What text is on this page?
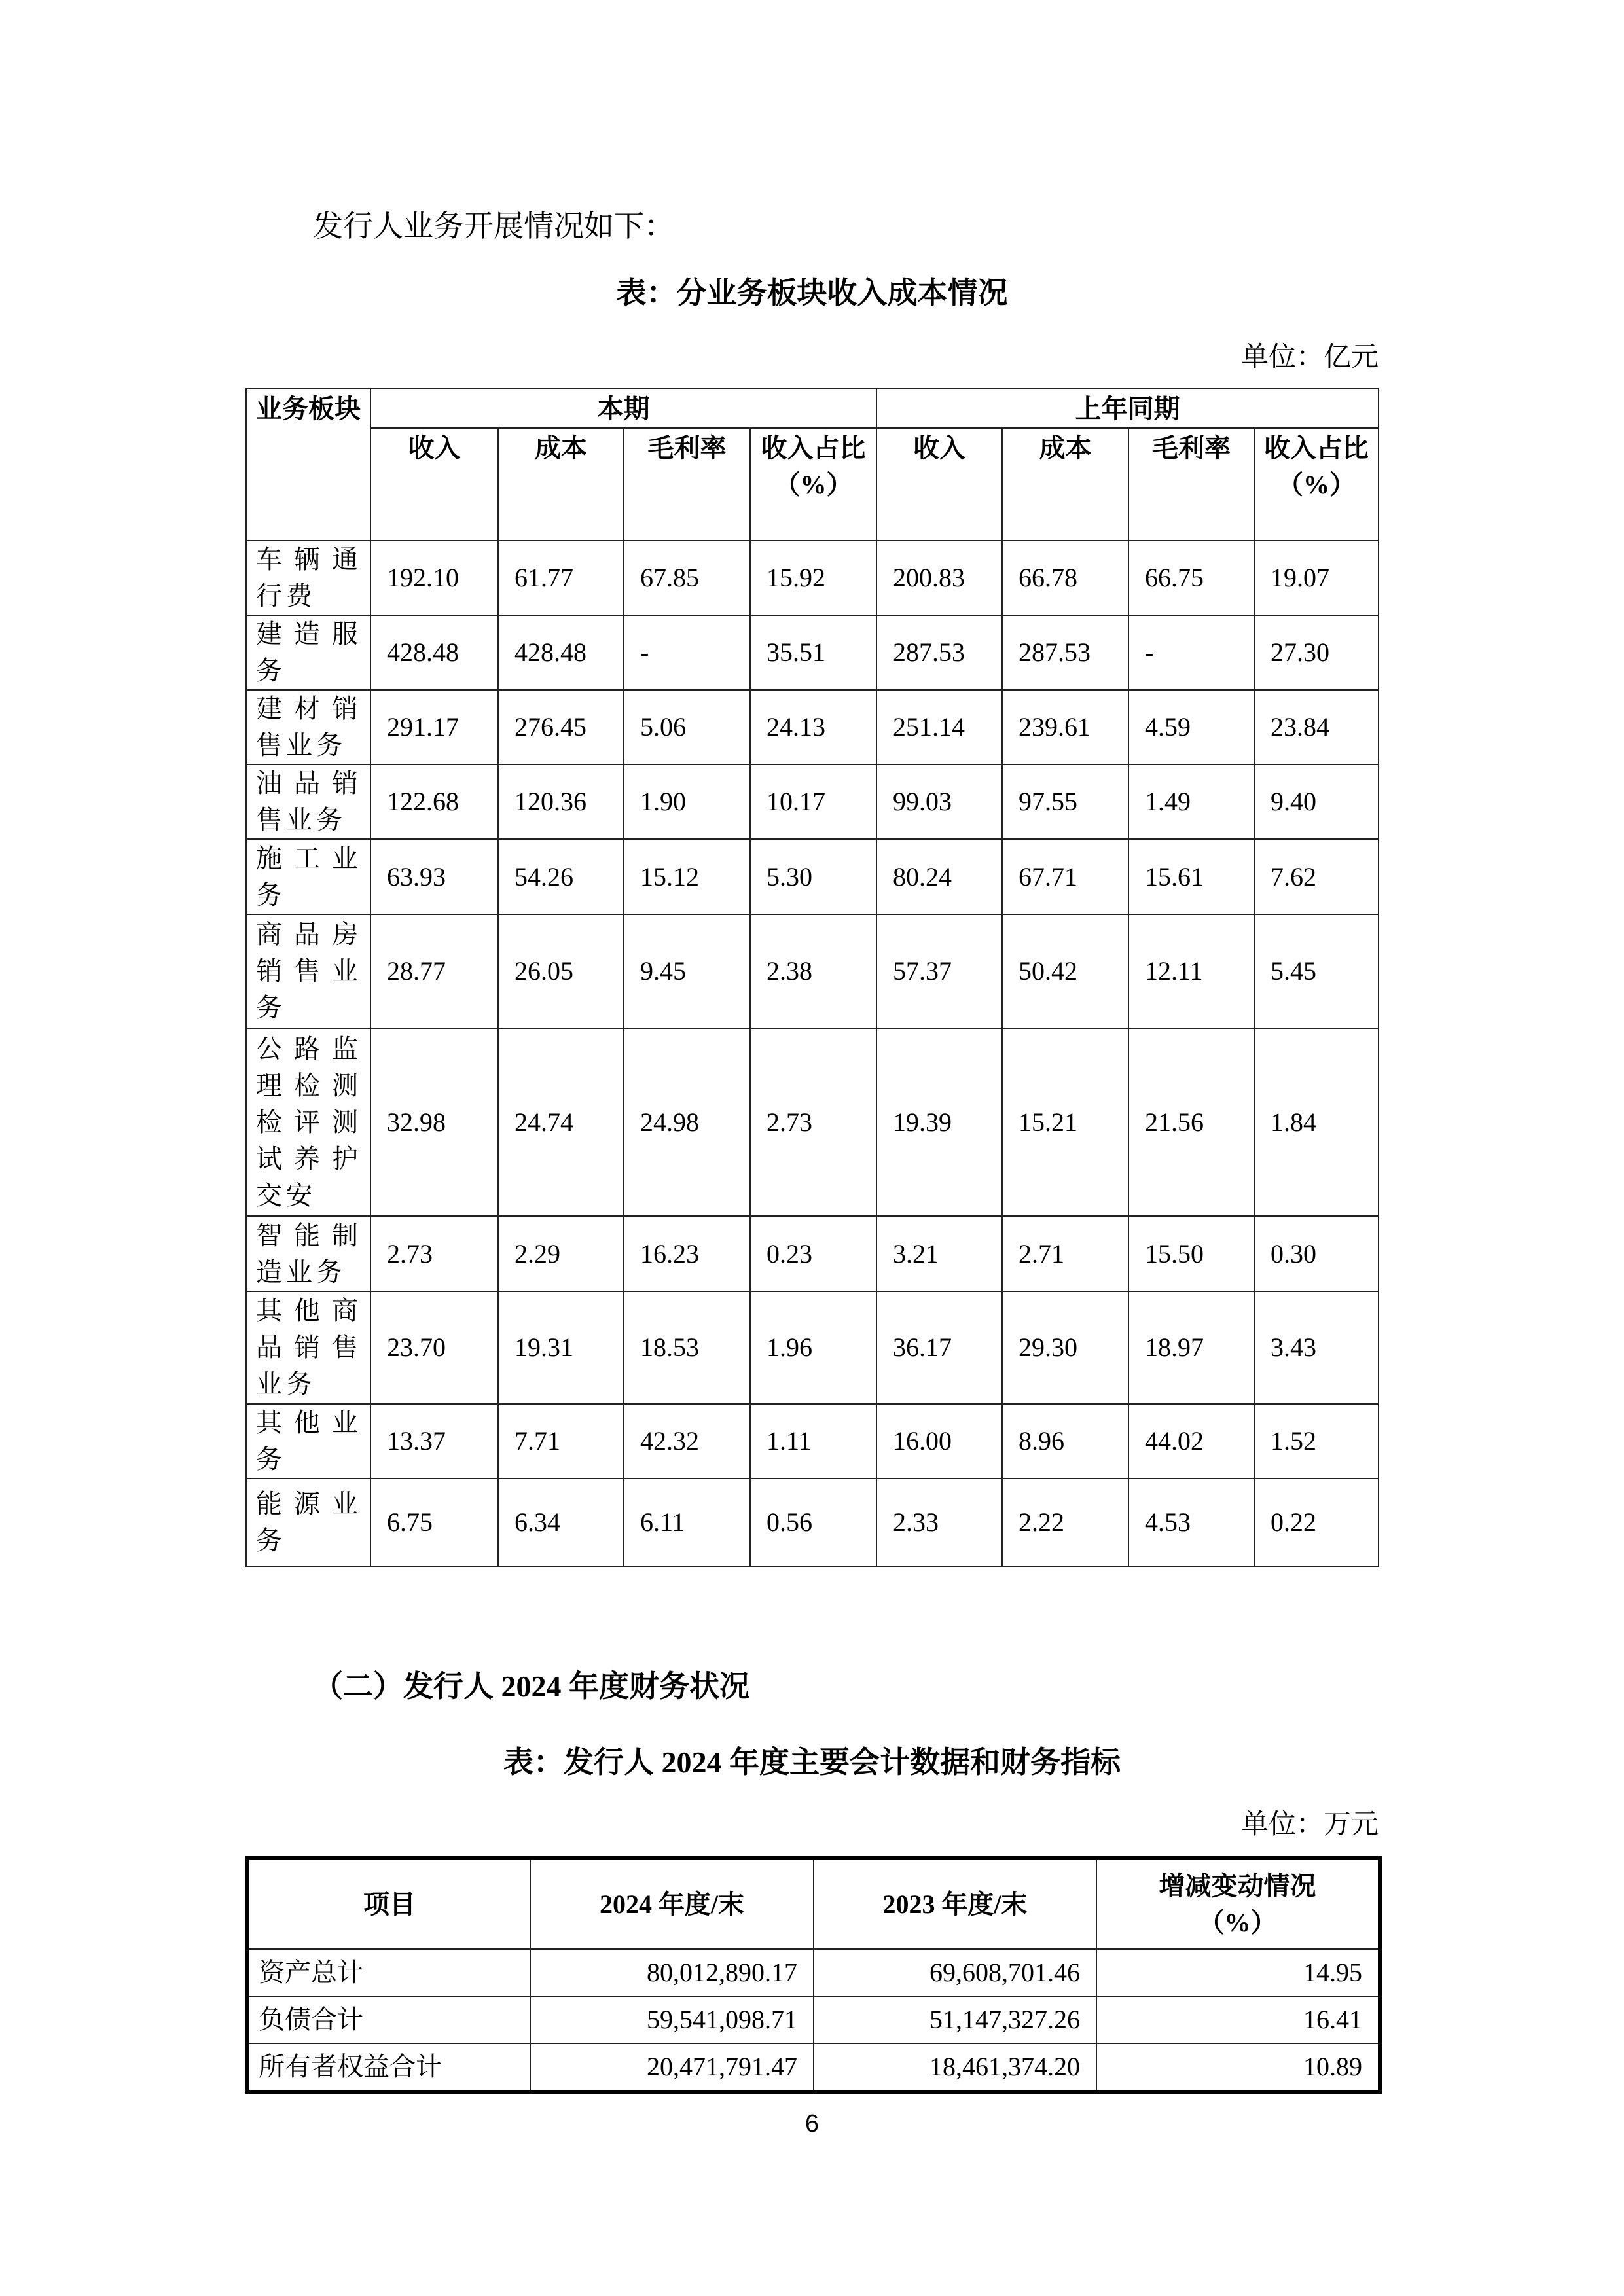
发行人业务开展情况如下：
表：分业务板块收入成本情况
单位：亿元
业务板块	本期				上年同期			
	收入	成本	毛利率	收入占比（%）	收入	成本	毛利率	收入占比（%）
车辆通行费	192.10	61.77	67.85	15.92	200.83	66.78	66.75	19.07
建造服务	428.48	428.48	-	35.51	287.53	287.53	-	27.30
建材销售业务	291.17	276.45	5.06	24.13	251.14	239.61	4.59	23.84
油品销售业务	122.68	120.36	1.90	10.17	99.03	97.55	1.49	9.40
施工业务	63.93	54.26	15.12	5.30	80.24	67.71	15.61	7.62
商品房销售业务	28.77	26.05	9.45	2.38	57.37	50.42	12.11	5.45
公路监理检测检评测试养护交安	32.98	24.74	24.98	2.73	19.39	15.21	21.56	1.84
智能制造业务	2.73	2.29	16.23	0.23	3.21	2.71	15.50	0.30
其他商品销售业务	23.70	19.31	18.53	1.96	36.17	29.30	18.97	3.43
其他业务	13.37	7.71	42.32	1.11	16.00	8.96	44.02	1.52
能源业务	6.75	6.34	6.11	0.56	2.33	2.22	4.53	0.22
（二）发行人 2024 年度财务状况
表：发行人 2024 年度主要会计数据和财务指标
单位：万元
项目	2024 年度/末	2023 年度/末	增减变动情况（%）
资产总计	80,012,890.17	69,608,701.46	14.95
负债合计	59,541,098.71	51,147,327.26	16.41
所有者权益合计	20,471,791.47	18,461,374.20	10.89
6
